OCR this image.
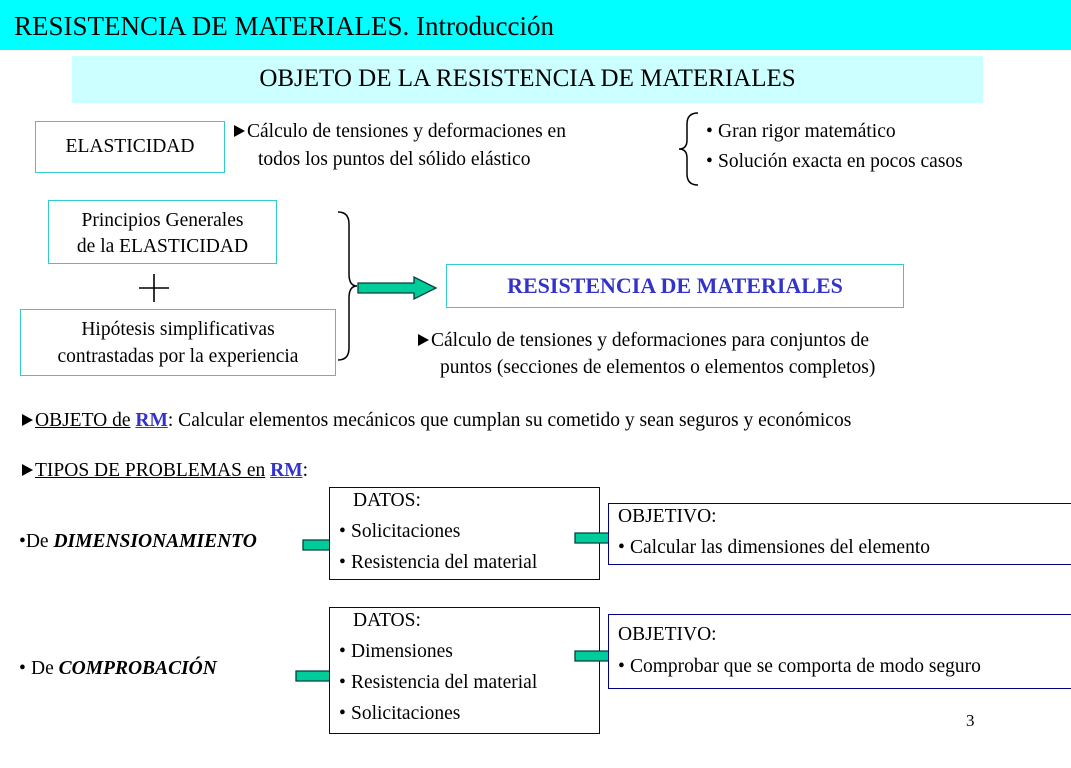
RESISTENCIA DE MATERIALES. Introducción
OBJETO DE LA RESISTENCIA DE MATERIALES
ELASTICIDAD
Cálculo de tensiones y deformaciones en
todos los puntos del sólido elástico
• Gran rigor matemático
• Solución exacta en pocos casos
Principios Generales
de la ELASTICIDAD
Hipótesis simplificativas
contrastadas por la experiencia
RESISTENCIA DE MATERIALES
Cálculo de tensiones y deformaciones para conjuntos de
puntos (secciones de elementos o elementos completos)
OBJETO de RM: Calcular elementos mecánicos que cumplan su cometido y sean seguros y económicos
TIPOS DE PROBLEMAS en RM:
•De DIMENSIONAMIENTO
DATOS:
• Solicitaciones
• Resistencia del material
OBJETIVO:
• Calcular las dimensiones del elemento
• De COMPROBACIÓN
DATOS:
• Dimensiones
• Resistencia del material
• Solicitaciones
OBJETIVO:
• Comprobar que se comporta de modo seguro
3
